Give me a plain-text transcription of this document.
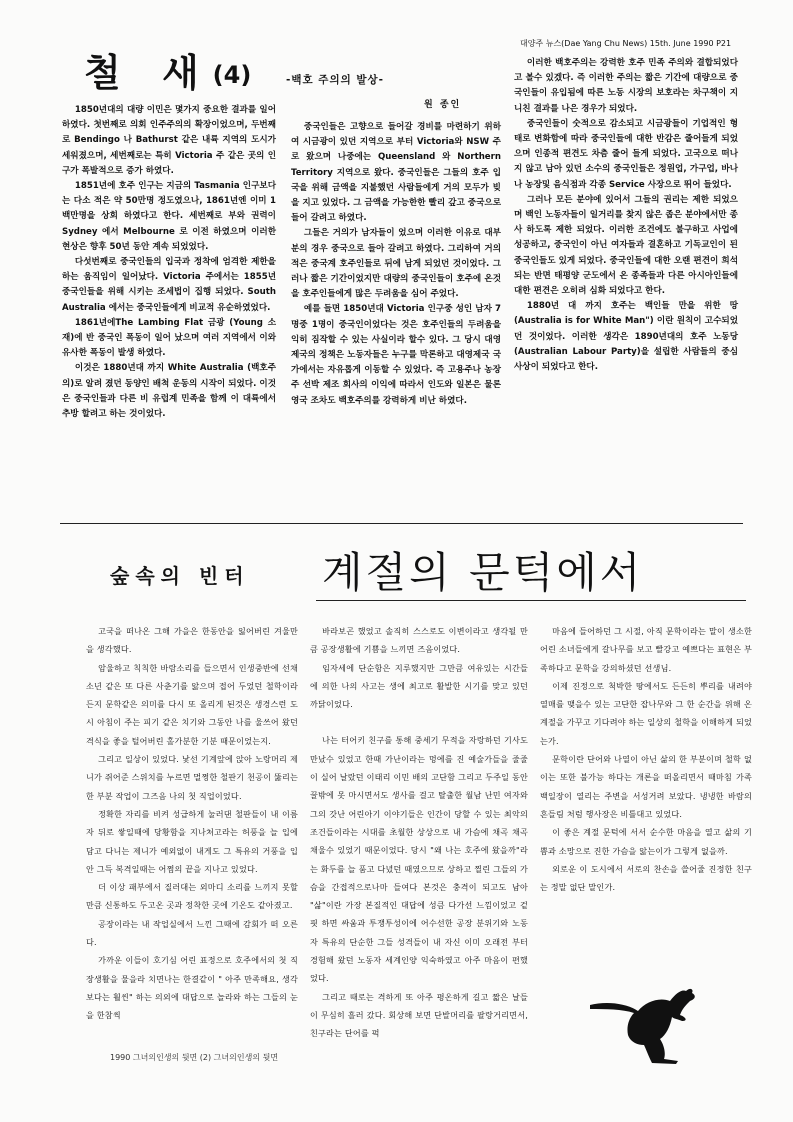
대양주 뉴스(Dae Yang Chu News) 15th. June 1990 P21
철 새(4)	-백호 주의의 발상-
원 종인

1850년대의 대량 이민은 몇가지 중요한 결과를 일어하였다. 첫번째로 의회 인주주의의 확장이었으며, 두번째로 Bendingo 나 Bathurst 같은 내륙 지역의 도시가 세워졌으며, 세번째로는 특히 Victoria 주 같은 곳의 인구가 폭발적으로 증가 하였다.

1851년에 호주 인구는 지금의 Tasmania 인구보다는 다소 적은 약 50만명 정도였으나, 1861년엔 이미 1백만명을 상회 하였다고 한다. 세번째로 부와 권력이 Sydney 에서 Melbourne 로 이전 하였으며 이러한 현상은 향후 50년 동안 계속 되었었다.

다섯번째로 중국인들의 입국과 정착에 엄격한 제한을 하는 움직임이 일어났다. Victoria 주에서는 1855년 중국인들을 위해 시키는 조세법이 집행 되었다. South Australia 에서는 중국인들에게 비교적 유순하였었다.

1861년에The Lambing Flat 금광 (Young 소재)에 반 중국인 폭동이 일어 났으며 여러 지역에서 이와 유사한 폭동이 발생 하였다.

이것은 1880년대 까지 White Australia (백호주의)로 알려 졌던 동양인 배척 운동의 시작이 되었다. 이것은 중국인들과 다른 비 유럽계 민족을 함께 이 대륙에서 추방 할려고 하는 것이었다.

중국인들은 고향으로 들어갈 경비를 마련하기 위하여 시금광이 있던 지역으로 부터 Victoria와 NSW 주로 왔으며 나중에는 Queensland 와 Northern Territory 지역으로 왔다. 중국인들은 그들의 호주 입국을 위해 금액을 지불했던 사람들에게 거의 모두가 빚을 지고 있었다. 그 금액을 가능한한 빨리 갚고 중국으로 들어 갈려고 하였다.

그들은 거의가 남자들이 었으며 이러한 이유로 대부분의 경우 중국으로 들아 갈려고 하였다. 그리하여 거의 적은 중국계 호주인들로 뒤에 남게 되었던 것이었다. 그러나 짧은 기간이었지만 대량의 중국인들이 호주에 온것을 호주인들에게 많은 두려움을 심어 주었다.

예를 들면 1850년대 Victoria 인구중 성인 남자 7명중 1명이 중국인이었다는 것은 호주인들의 두려움을 익히 짐작할 수 있는 사실이라 할수 있다. 그 당시 대영 제국의 정책은 노동자들은 누구를 막론하고 대영제국 국가에서는 자유롭게 이동할 수 있었다. 즉 고용주나 농장주 선박 제조 회사의 이익에 따라서 인도와 일본은 물론 영국 조차도 백호주의를 강력하게 비난 하였다.

이러한 백호주의는 강력한 호주 민족 주의와 결합되었다고 볼수 있겠다. 즉 이러한 주의는 짧은 기간에 대량으로 중국인들이 유입됨에 따른 노동 시장의 보호라는 차구책이 지니친 결과를 나은 경우가 되었다.

중국인들이 숫적으로 감소되고 시금광들이 기업적인 형태로 변화함에 따라 중국인들에 대한 반감은 줄어들게 되었으며 인종적 편견도 차츰 줄어 들게 되었다. 고국으로 떠나지 않고 남아 있던 소수의 중국인들은 정원업, 가구업, 바나나 농장및 음식점과 각종 Service 사장으로 뛰어 들었다.

그러나 모든 분야에 있어서 그들의 권리는 제한 되었으며 백인 노동자들이 일거리를 찾지 않은 좁은 분야에서만 종사 하도록 제한 되었다. 이러한 조건에도 불구하고 사업에 성공하고, 중국인이 아닌 여자들과 결혼하고 기독교인이 된 중국인들도 있게 되었다. 중국인들에 대한 오랜 편견이 희석되는 반면 태평양 군도에서 온 종족들과 다른 아시아인들에 대한 편견은 오히려 심화 되었다고 한다.

1880년 대 까지 호주는 백인들 만을 위한 땅(Australia is for White Man") 이란 원칙이 고수되었던 것이었다. 이러한 생각은 1890년대의 호주 노동당 (Australian Labour Party)을 설립한 사람들의 중심 사상이 되었다고 한다.

숲속의 빈터 계절의 문턱에서

고국을 떠나온 그해 가을은 한동안을 잃어버린 겨울만을 생각했다.

암울하고 칙칙한 바람소리를 들으면서 인생중반에 선채 소년 같은 또 다른 사춘기를 앓으며 접어 두었던 철학이라든지 문학같은 의미를 다시 또 올리게 된것은 생경스런 도시 아침이 주는 피기 같은 치기와 그동안 나를 울쓰어 왔던 격식을 좋을 털어버린 홀가분한 기분 때문이었는지.

그리고 일상이 있었다. 낯선 기계앞에 앉아 노랑머리 제니가 쥐어준 스위치를 누르면 멀쩡한 철판기 천공이 뚫리는 한 부분 작업이 그즈음 나의 첫 직업이었다.

정확한 자리를 비켜 성급하게 눌러댄 철판들이 내 이름자 뒤로 쌓일때에 당황함을 지나쳐고라는 허풍을 늘 입에 담고 다니는 제니가 예외없이 내게도 그 특유의 거풍을 입안 그득 복격일때는 어쩜의 끝을 지나고 있었다.

더 이상 패부에서 질러대는 외마디 소리를 느끼지 못할 만큼 신통하도 두고온 곳과 정착한 곳에 기온도 같아졌고.

공장이라는 내 작업실에서 느낀 그때에 감회가 떠 오른다.

가까운 이들이 호기심 어린 표정으로 호주에서의 첫 직장생활을 물을라 치면나는 한결같이 " 아주 만족해요, 생각보다는 훨씬" 하는 의외에 대답으로 놀라와 하는 그들의 눈을 한참씩

바라보곤 했었고 솔직히 스스로도 이변이라고 생각될 만큼 공장생활에 기쁨을 느끼면 즈음이었다.

임자세에 단순함은 지루했지만 그만큼 여유있는 시간들에 의한 나의 사고는 생에 최고로 활발한 시기를 맞고 있던 까닭이었다.

나는 터어키 친구를 통해 중세기 무적을 자랑하던 기사도 만났수 있었고 한때 가난이라는 멍에를 진 예술가들을 줄줄이 실어 날랐던 이태리 이민 배의 고단함 그리고 두주일 동안 꿀밖에 못 마시면서도 생사를 걸고 탈출한 월남 난민 여자와 그의 갓난 어린아기 이야기들은 인간이 당할 수 있는 최악의 조건들이라는 시대를 초월한 상상으로 내 가슴에 채곡 채곡 채울수 있었기 때문이었다. 당시 "왜 나는 호주에 왔을까"라는 화두를 늘 품고 다녔던 때였으므로 상하고 찔린 그들의 가슴을 간접적으로나마 들여다 본것은 충격이 되고도 남아 "삶"이란 가장 본질적인 대답에 성큼 다가선 느낌이었고 겉핏 하면 싸움과 투쟁투성이에 어수선한 공장 분위기와 노동자 특유의 단순한 그들 성격들이 내 자신 이미 오래전 부터 경험해 왔던 노동자 세계인양 익숙하였고 아주 마음이 편했었다.

그리고 때로는 격하게 또 아주 평온하게 길고 짧은 날들이 무심히 흘러 갔다. 회상해 보면 단발머리를 팔랑거리면서, 친구라는 단어를 퍽

마음에 들어하던 그 시절, 아직 문학이라는 말이 생소한어린 소녀들에게 갈나무를 보고 빨강고 예쁘다는 표현은 부족하다고 문학을 강의하셨던 선생님.

이제 진정으로 척박한 땅에서도 든든히 뿌리를 내려야 열매를 맺을수 있는 고단한 잡나무와 그 한 순간을 위해 온 계절을 가꾸고 기다려야 하는 일상의 철학을 이해하게 되었는가.

문학이란 단어와 나열이 아닌 삶의 한 부분이며 철학 없이는 또한 불가능 하다는 개론을 떠올리면서 때마침 가족 백일장이 열리는 주변을 서성거려 보았다. 냉냉한 바람의 흔들림 처럼 행사장은 비틀대고 있었다.

이 좋은 계절 문턱에 서서 순수한 마음을 열고 삶의 기쁨과 소망으로 진한 가슴을 앓는이가 그렇게 없을까.

외로운 이 도시에서 서로의 찬손을 쓸어줄 진정한 친구는 정말 없단 말인가.

1990 그녀의인생의 뒷면 (2) 그녀의인생의 뒷면
